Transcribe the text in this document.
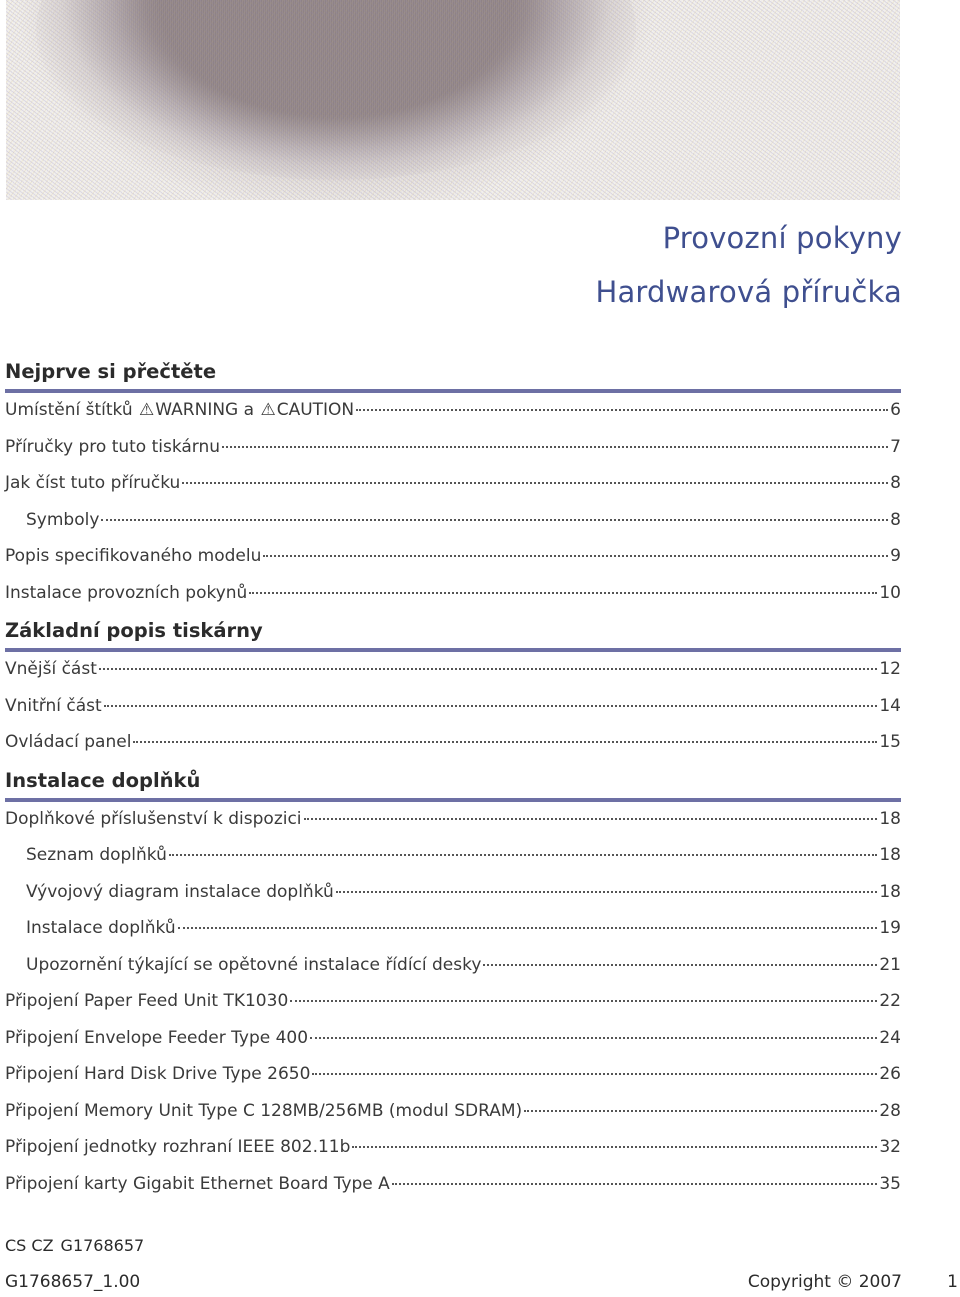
Provozní pokyny
Hardwarová příručka
Nejprve si přečtěte
Umístění štítků ⚠WARNING a ⚠CAUTION	6
Příručky pro tuto tiskárnu	7
Jak číst tuto příručku	8
Symboly	8
Popis specifikovaného modelu	9
Instalace provozních pokynů	10
Základní popis tiskárny
Vnější část	12
Vnitřní část	14
Ovládací panel	15
Instalace doplňků
Doplňkové příslušenství k dispozici	18
Seznam doplňků	18
Vývojový diagram instalace doplňků	18
Instalace doplňků	19
Upozornění týkající se opětovné instalace řídící desky	21
Připojení Paper Feed Unit TK1030	22
Připojení Envelope Feeder Type 400	24
Připojení Hard Disk Drive Type 2650	26
Připojení Memory Unit Type C 128MB/256MB (modul SDRAM)	28
Připojení jednotky rozhraní IEEE 802.11b	32
Připojení karty Gigabit Ethernet Board Type A	35
CS CZ G1768657
G1768657_1.00	Copyright © 2007	1
